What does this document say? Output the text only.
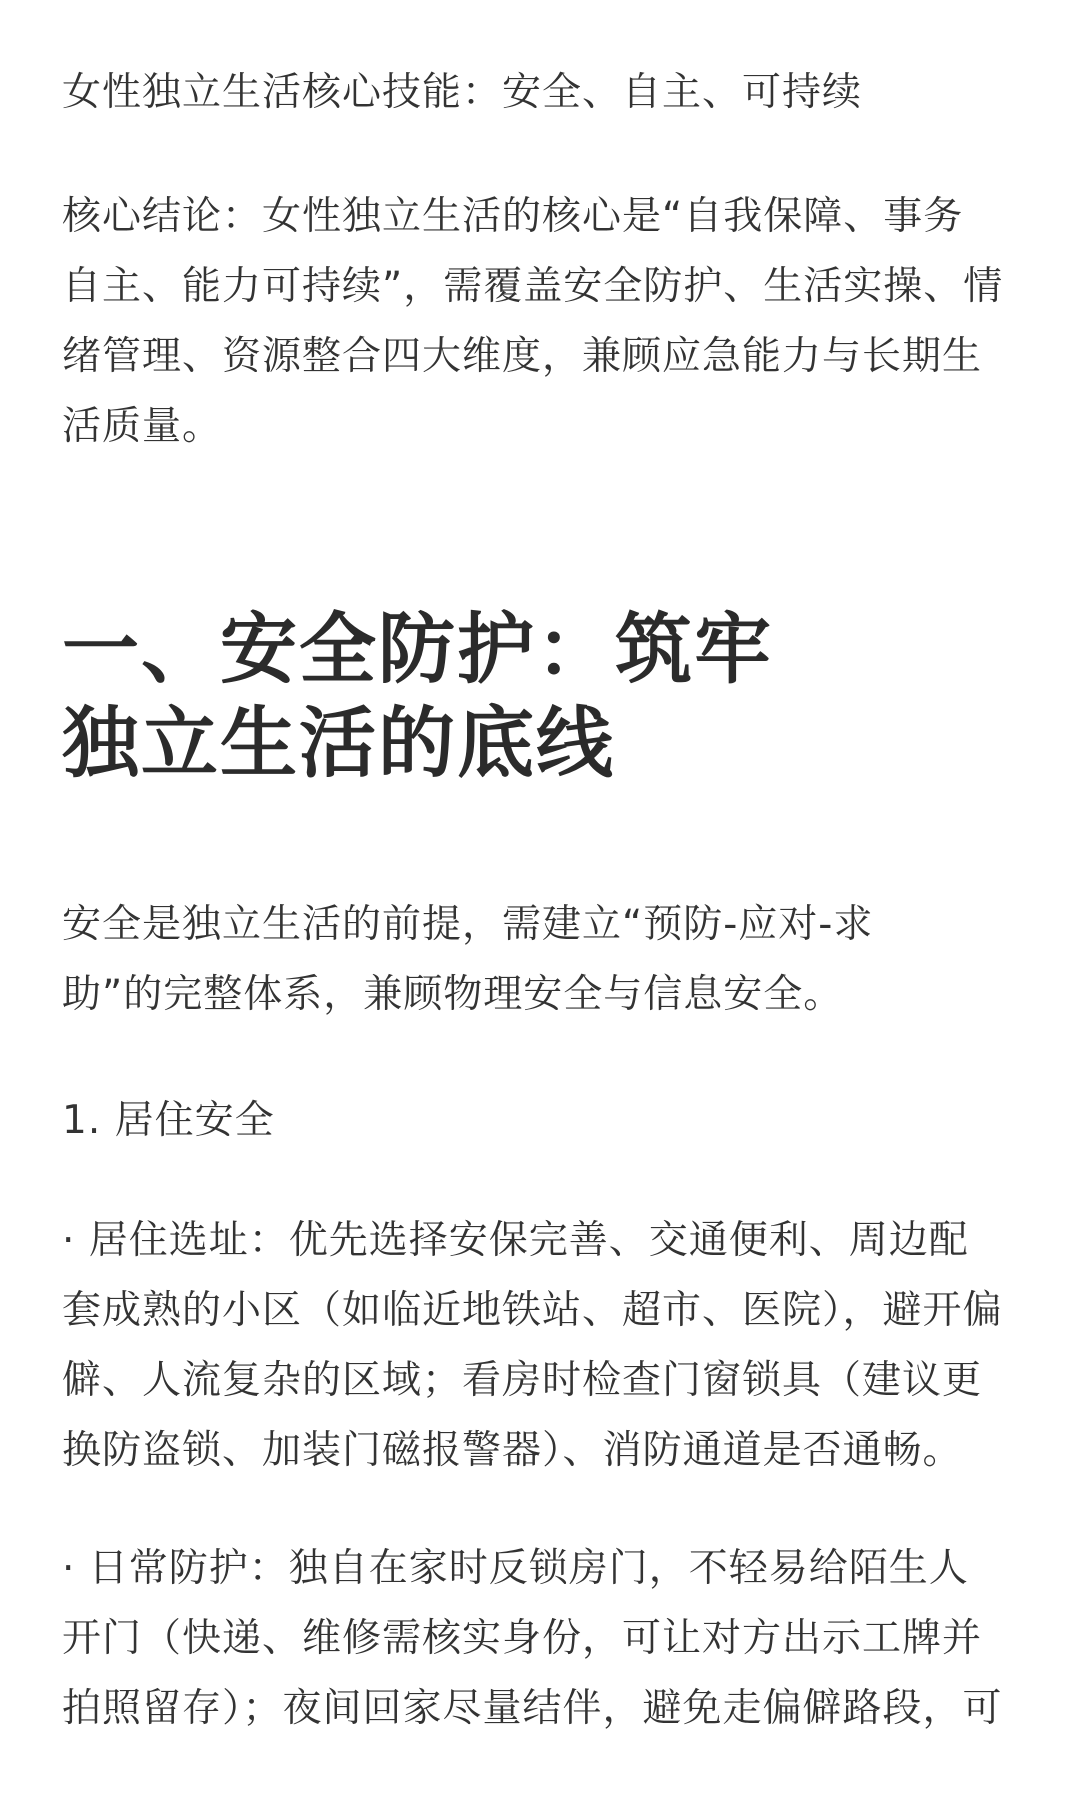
女性独立生活核心技能：安全、自主、可持续

核心结论：女性独立生活的核心是“自我保障、事务
自主、能力可持续”，需覆盖安全防护、生活实操、情
绪管理、资源整合四大维度，兼顾应急能力与长期生
活质量。

一、安全防护：筑牢
独立生活的底线

安全是独立生活的前提，需建立“预防-应对-求
助”的完整体系，兼顾物理安全与信息安全。

1. 居住安全

· 居住选址：优先选择安保完善、交通便利、周边配
套成熟的小区（如临近地铁站、超市、医院），避开偏
僻、人流复杂的区域；看房时检查门窗锁具（建议更
换防盗锁、加装门磁报警器）、消防通道是否通畅。

· 日常防护：独自在家时反锁房门，不轻易给陌生人
开门（快递、维修需核实身份，可让对方出示工牌并
拍照留存）；夜间回家尽量结伴，避免走偏僻路段，可
